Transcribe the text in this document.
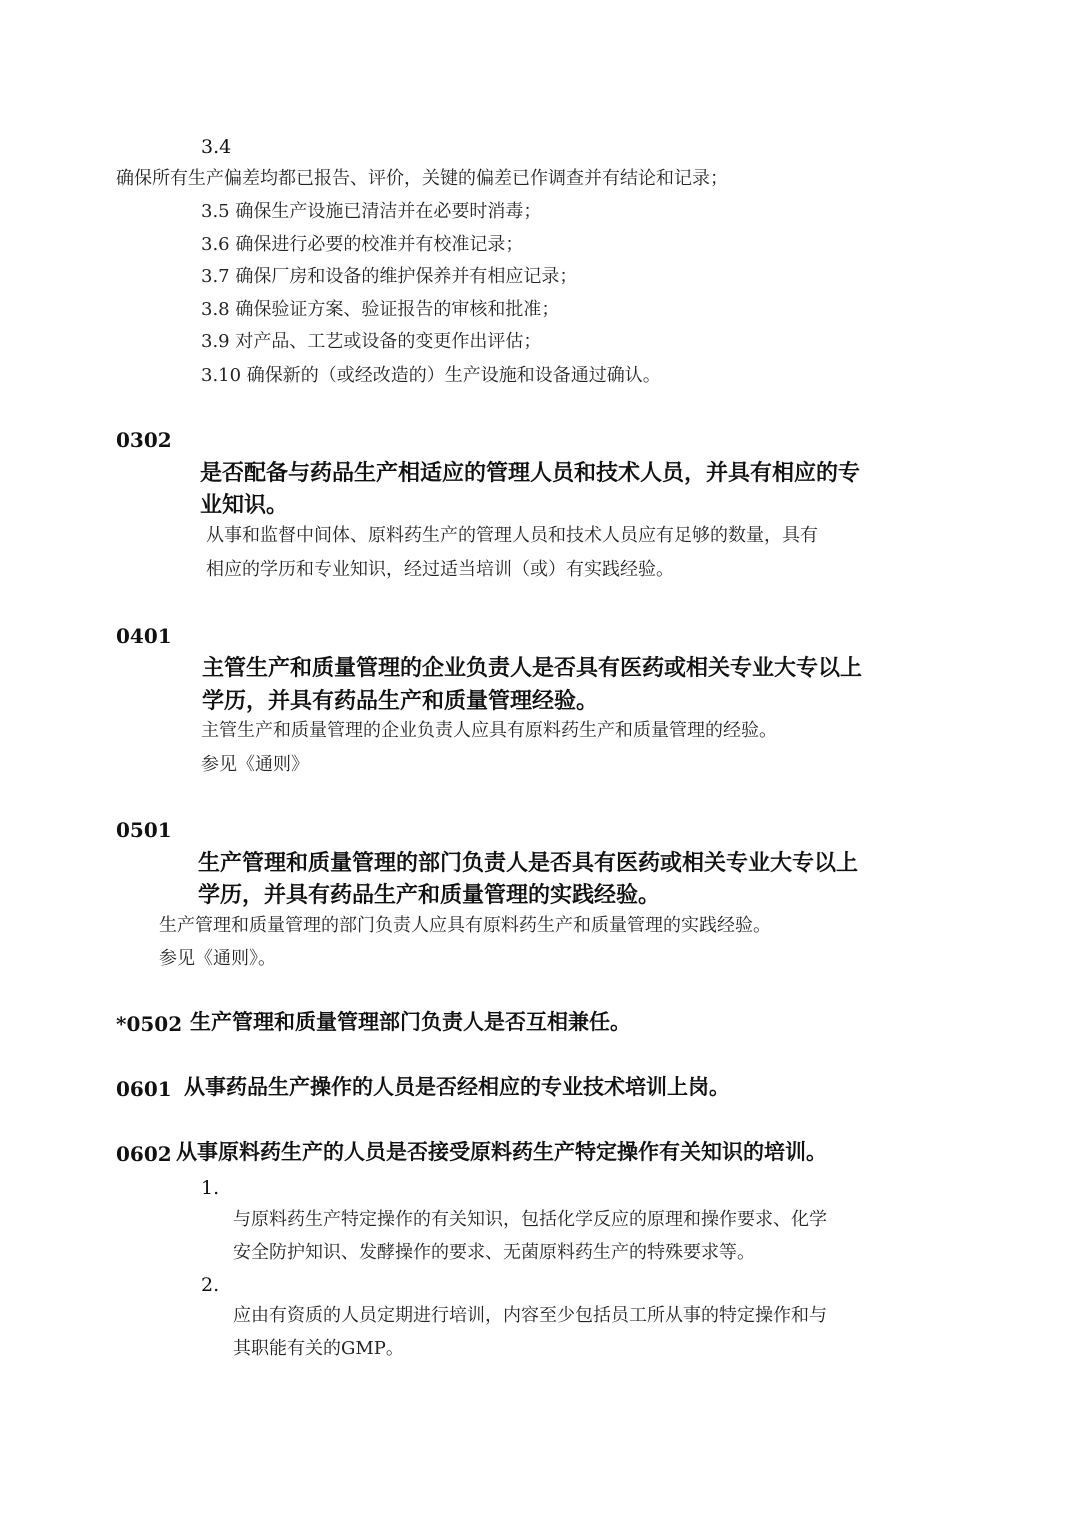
3.4
确保所有生产偏差均都已报告、评价，关键的偏差已作调查并有结论和记录；
3.5 确保生产设施已清洁并在必要时消毒；
3.6 确保进行必要的校准并有校准记录；
3.7 确保厂房和设备的维护保养并有相应记录；
3.8 确保验证方案、验证报告的审核和批准；
3.9 对产品、工艺或设备的变更作出评估；
3.10 确保新的（或经改造的）生产设施和设备通过确认。
0302
是否配备与药品生产相适应的管理人员和技术人员，并具有相应的专
业知识。
从事和监督中间体、原料药生产的管理人员和技术人员应有足够的数量，具有
相应的学历和专业知识，经过适当培训（或）有实践经验。
0401
主管生产和质量管理的企业负责人是否具有医药或相关专业大专以上
学历，并具有药品生产和质量管理经验。
主管生产和质量管理的企业负责人应具有原料药生产和质量管理的经验。
参见《通则》
0501
生产管理和质量管理的部门负责人是否具有医药或相关专业大专以上
学历，并具有药品生产和质量管理的实践经验。
生产管理和质量管理的部门负责人应具有原料药生产和质量管理的实践经验。
参见《通则》。
*0502 生产管理和质量管理部门负责人是否互相兼任。
0601 从事药品生产操作的人员是否经相应的专业技术培训上岗。
0602 从事原料药生产的人员是否接受原料药生产特定操作有关知识的培训。
1.
与原料药生产特定操作的有关知识，包括化学反应的原理和操作要求、化学
安全防护知识、发酵操作的要求、无菌原料药生产的特殊要求等。
2.
应由有资质的人员定期进行培训，内容至少包括员工所从事的特定操作和与
其职能有关的GMP。
